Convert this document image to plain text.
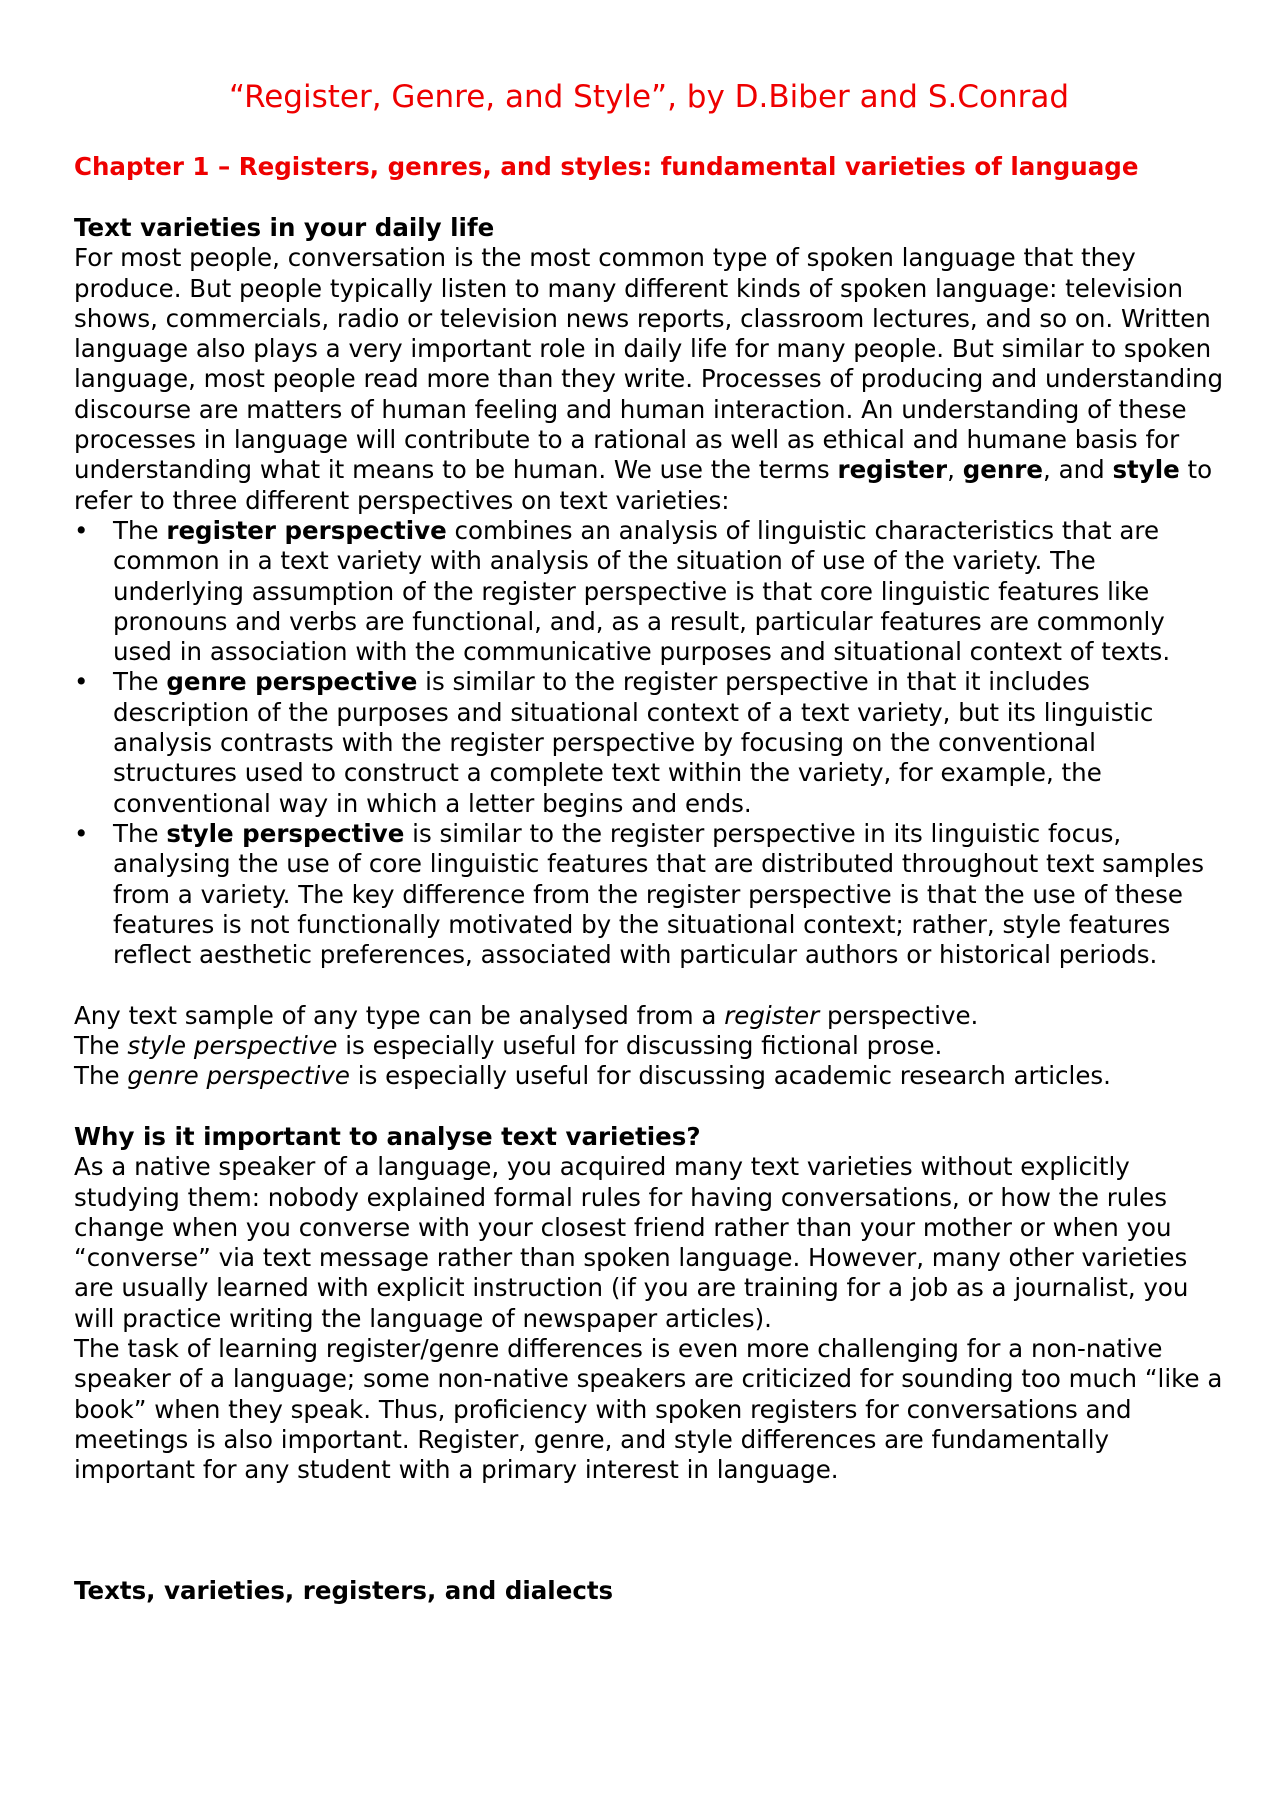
“Register, Genre, and Style”, by D.Biber and S.Conrad
Chapter 1 – Registers, genres, and styles: fundamental varieties of language
Text varieties in your daily life

For most people, conversation is the most common type of spoken language that they produce. But people typically listen to many different kinds of spoken language: television shows, commercials, radio or television news reports, classroom lectures, and so on. Written language also plays a very important role in daily life for many people. But similar to spoken language, most people read more than they write. Processes of producing and understanding discourse are matters of human feeling and human interaction. An understanding of these processes in language will contribute to a rational as well as ethical and humane basis for understanding what it means to be human. We use the terms register, genre, and style to refer to three different perspectives on text varieties:

• The register perspective combines an analysis of linguistic characteristics that are common in a text variety with analysis of the situation of use of the variety. The underlying assumption of the register perspective is that core linguistic features like pronouns and verbs are functional, and, as a result, particular features are commonly used in association with the communicative purposes and situational context of texts.
• The genre perspective is similar to the register perspective in that it includes description of the purposes and situational context of a text variety, but its linguistic analysis contrasts with the register perspective by focusing on the conventional structures used to construct a complete text within the variety, for example, the conventional way in which a letter begins and ends.
• The style perspective is similar to the register perspective in its linguistic focus, analysing the use of core linguistic features that are distributed throughout text samples from a variety. The key difference from the register perspective is that the use of these features is not functionally motivated by the situational context; rather, style features reflect aesthetic preferences, associated with particular authors or historical periods.

Any text sample of any type can be analysed from a register perspective.

The style perspective is especially useful for discussing fictional prose.

The genre perspective is especially useful for discussing academic research articles.

Why is it important to analyse text varieties?

As a native speaker of a language, you acquired many text varieties without explicitly studying them: nobody explained formal rules for having conversations, or how the rules change when you converse with your closest friend rather than your mother or when you “converse” via text message rather than spoken language. However, many other varieties are usually learned with explicit instruction (if you are training for a job as a journalist, you will practice writing the language of newspaper articles).

The task of learning register/genre differences is even more challenging for a non-native speaker of a language; some non-native speakers are criticized for sounding too much “like a book” when they speak. Thus, proficiency with spoken registers for conversations and meetings is also important. Register, genre, and style differences are fundamentally important for any student with a primary interest in language.

Texts, varieties, registers, and dialects
